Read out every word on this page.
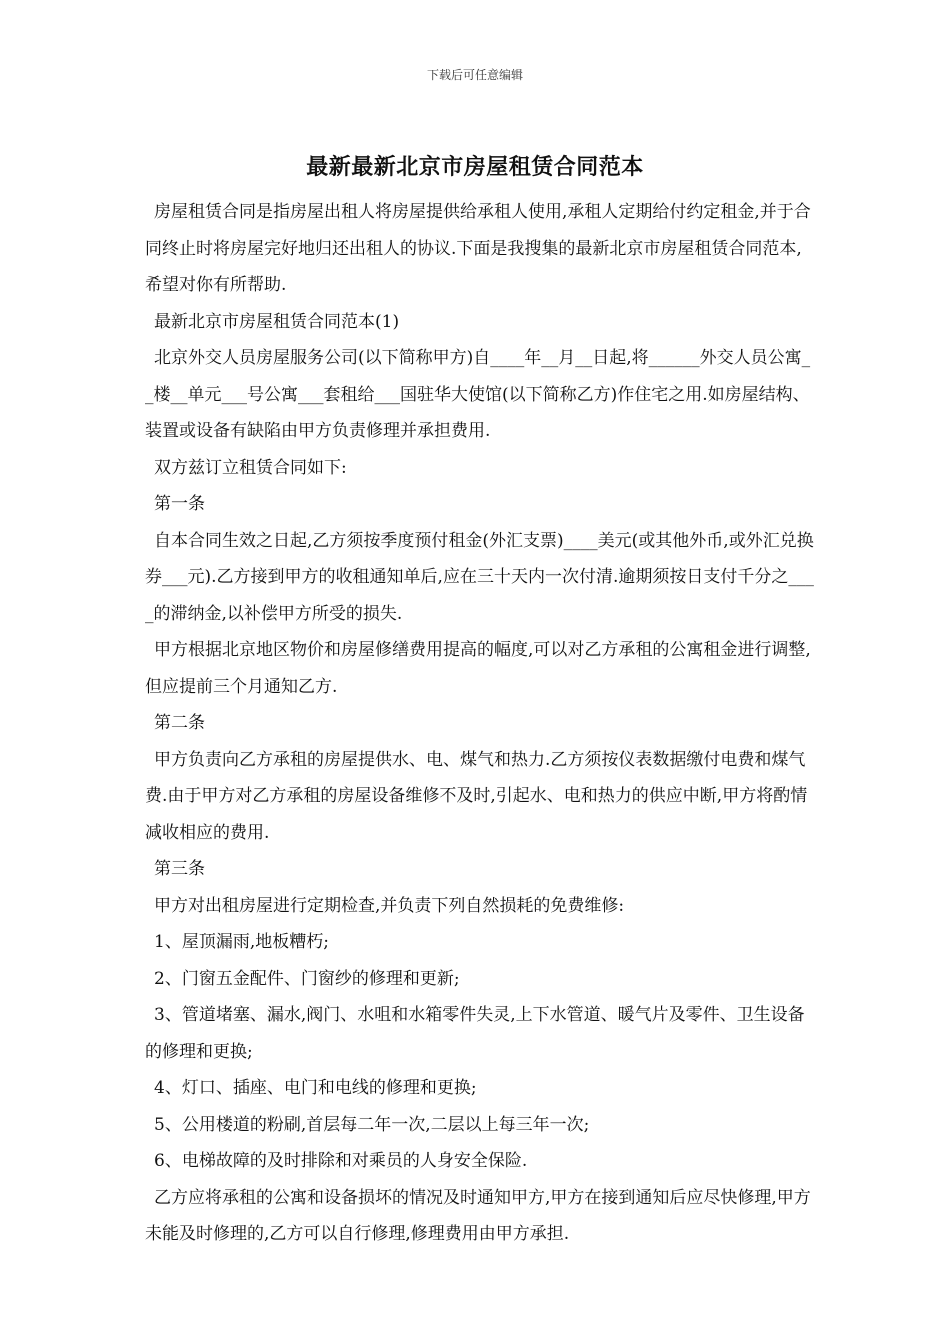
下载后可任意编辑
最新最新北京市房屋租赁合同范本

房屋租赁合同是指房屋出租人将房屋提供给承租人使用,承租人定期给付约定租金,并于合同终止时将房屋完好地归还出租人的协议.下面是我搜集的最新北京市房屋租赁合同范本,希望对你有所帮助.

最新北京市房屋租赁合同范本(1)

北京外交人员房屋服务公司(以下简称甲方)自____年__月__日起,将______外交人员公寓__楼__单元___号公寓___套租给___国驻华大使馆(以下简称乙方)作住宅之用.如房屋结构、装置或设备有缺陷由甲方负责修理并承担费用.

双方兹订立租赁合同如下:

第一条

自本合同生效之日起,乙方须按季度预付租金(外汇支票)____美元(或其他外币,或外汇兑换券___元).乙方接到甲方的收租通知单后,应在三十天内一次付清.逾期须按日支付千分之____的滞纳金,以补偿甲方所受的损失.

甲方根据北京地区物价和房屋修缮费用提高的幅度,可以对乙方承租的公寓租金进行调整,但应提前三个月通知乙方.

第二条

甲方负责向乙方承租的房屋提供水、电、煤气和热力.乙方须按仪表数据缴付电费和煤气费.由于甲方对乙方承租的房屋设备维修不及时,引起水、电和热力的供应中断,甲方将酌情减收相应的费用.

第三条

甲方对出租房屋进行定期检查,并负责下列自然损耗的免费维修:

1、屋顶漏雨,地板糟朽;

2、门窗五金配件、门窗纱的修理和更新;

3、管道堵塞、漏水,阀门、水咀和水箱零件失灵,上下水管道、暖气片及零件、卫生设备的修理和更换;

4、灯口、插座、电门和电线的修理和更换;

5、公用楼道的粉刷,首层每二年一次,二层以上每三年一次;

6、电梯故障的及时排除和对乘员的人身安全保险.

乙方应将承租的公寓和设备损坏的情况及时通知甲方,甲方在接到通知后应尽快修理,甲方未能及时修理的,乙方可以自行修理,修理费用由甲方承担.
